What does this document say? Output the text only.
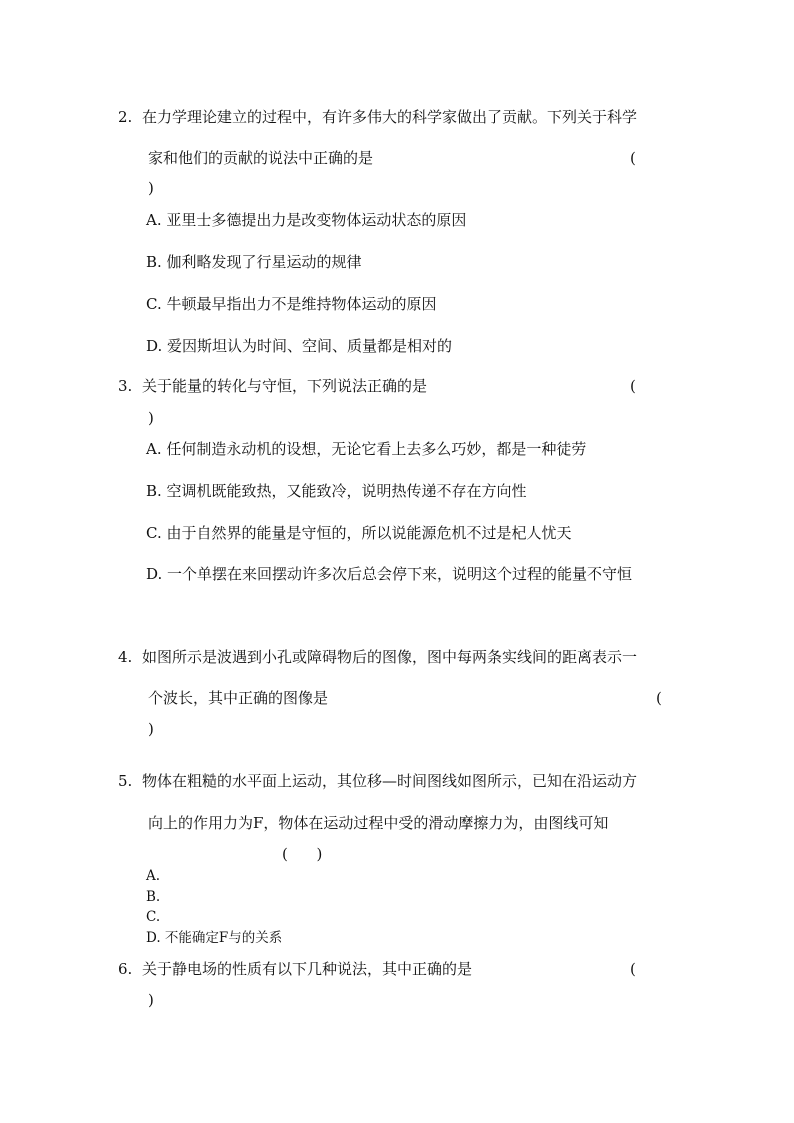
2. 在力学理论建立的过程中，有许多伟大的科学家做出了贡献。下列关于科学
家和他们的贡献的说法中正确的是	(
)
A. 亚里士多德提出力是改变物体运动状态的原因
B. 伽利略发现了行星运动的规律
C. 牛顿最早指出力不是维持物体运动的原因
D. 爱因斯坦认为时间、空间、质量都是相对的
3. 关于能量的转化与守恒，下列说法正确的是	(
)
A. 任何制造永动机的设想，无论它看上去多么巧妙，都是一种徒劳
B. 空调机既能致热，又能致冷，说明热传递不存在方向性
C. 由于自然界的能量是守恒的，所以说能源危机不过是杞人忧天
D. 一个单摆在来回摆动许多次后总会停下来，说明这个过程的能量不守恒
4. 如图所示是波遇到小孔或障碍物后的图像，图中每两条实线间的距离表示一
个波长，其中正确的图像是	(
)
5. 物体在粗糙的水平面上运动，其位移—时间图线如图所示，已知在沿运动方
向上的作用力为F，物体在运动过程中受的滑动摩擦力为，由图线可知
(      )
A.
B.
C.
D. 不能确定F与的关系
6. 关于静电场的性质有以下几种说法，其中正确的是	(
)
